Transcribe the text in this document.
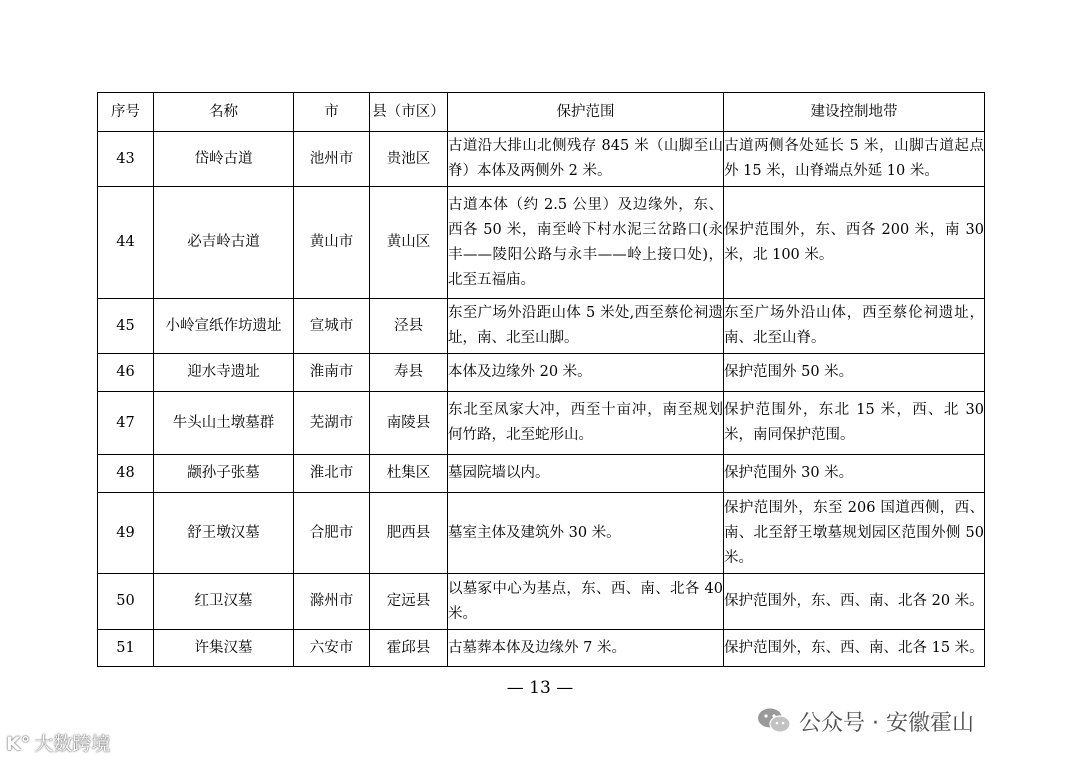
序号	名称	市	县（市区）	保护范围	建设控制地带
43	岱岭古道	池州市	贵池区	古道沿大排山北侧残存 845 米（山脚至山脊）本体及两侧外 2 米。	古道两侧各处延长 5 米，山脚古道起点外 15 米，山脊端点外延 10 米。
44	必吉岭古道	黄山市	黄山区	古道本体（约 2.5 公里）及边缘外，东、西各 50 米，南至岭下村水泥三岔路口(永丰——陵阳公路与永丰——岭上接口处)，北至五福庙。	保护范围外，东、西各 200 米，南 30 米，北 100 米。
45	小岭宣纸作坊遗址	宣城市	泾县	东至广场外沿距山体 5 米处,西至蔡伦祠遗址，南、北至山脚。	东至广场外沿山体，西至蔡伦祠遗址，南、北至山脊。
46	迎水寺遗址	淮南市	寿县	本体及边缘外 20 米。	保护范围外 50 米。
47	牛头山土墩墓群	芜湖市	南陵县	东北至凤家大冲，西至十亩冲，南至规划何竹路，北至蛇形山。	保护范围外，东北 15 米，西、北 30 米，南同保护范围。
48	颛孙子张墓	淮北市	杜集区	墓园院墙以内。	保护范围外 30 米。
49	舒王墩汉墓	合肥市	肥西县	墓室主体及建筑外 30 米。	保护范围外，东至 206 国道西侧，西、南、北至舒王墩墓规划园区范围外侧 50 米。
50	红卫汉墓	滁州市	定远县	以墓冢中心为基点，东、西、南、北各 40 米。	保护范围外，东、西、南、北各 20 米。
51	许集汉墓	六安市	霍邱县	古墓葬本体及边缘外 7 米。	保护范围外，东、西、南、北各 15 米。
— 13 —
K° 大数跨境
公众号 · 安徽霍山
